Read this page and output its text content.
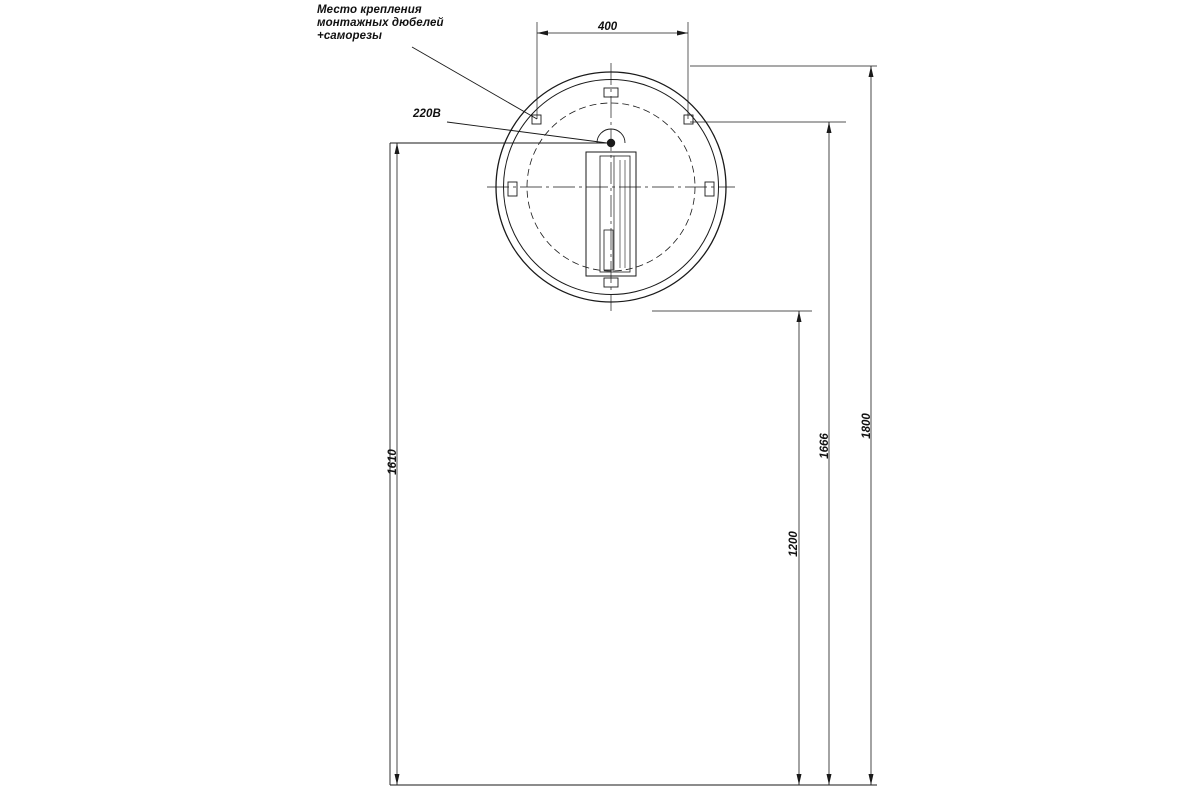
Место крепления
монтажных дюбелей
+саморезы
220В
400
1610
1200
1666
1800
